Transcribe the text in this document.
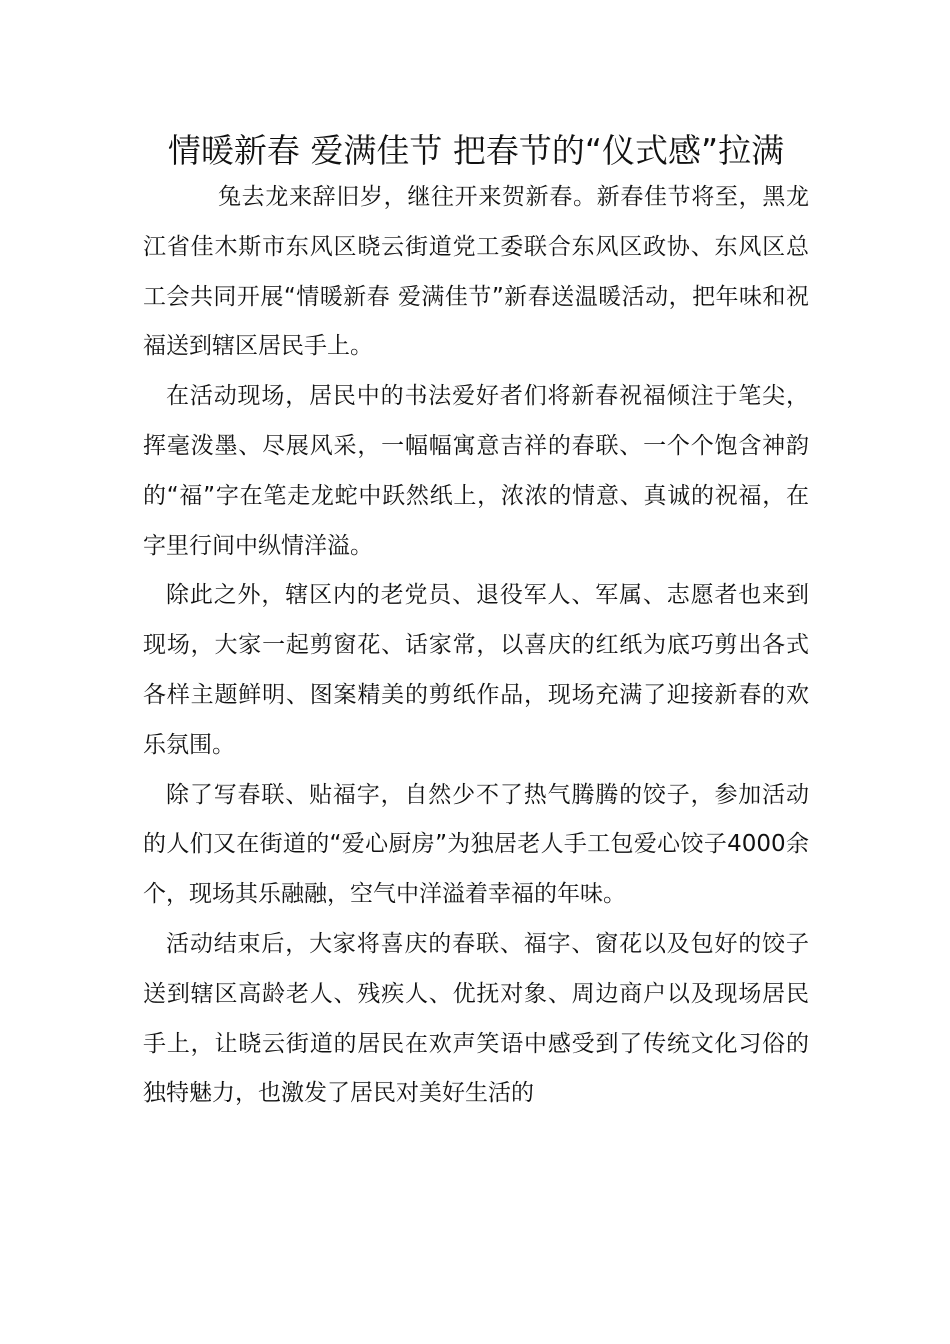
情暖新春 爱满佳节 把春节的“仪式感”拉满

兔去龙来辞旧岁，继往开来贺新春。新春佳节将至，黑龙江省佳木斯市东风区晓云街道党工委联合东风区政协、东风区总工会共同开展“情暖新春 爱满佳节”新春送温暖活动，把年味和祝福送到辖区居民手上。

在活动现场，居民中的书法爱好者们将新春祝福倾注于笔尖，挥毫泼墨、尽展风采，一幅幅寓意吉祥的春联、一个个饱含神韵的“福”字在笔走龙蛇中跃然纸上，浓浓的情意、真诚的祝福，在字里行间中纵情洋溢。

除此之外，辖区内的老党员、退役军人、军属、志愿者也来到现场，大家一起剪窗花、话家常，以喜庆的红纸为底巧剪出各式各样主题鲜明、图案精美的剪纸作品，现场充满了迎接新春的欢乐氛围。

除了写春联、贴福字，自然少不了热气腾腾的饺子，参加活动的人们又在街道的“爱心厨房”为独居老人手工包爱心饺子4000余个，现场其乐融融，空气中洋溢着幸福的年味。

活动结束后，大家将喜庆的春联、福字、窗花以及包好的饺子送到辖区高龄老人、残疾人、优抚对象、周边商户以及现场居民手上，让晓云街道的居民在欢声笑语中感受到了传统文化习俗的独特魅力，也激发了居民对美好生活的
